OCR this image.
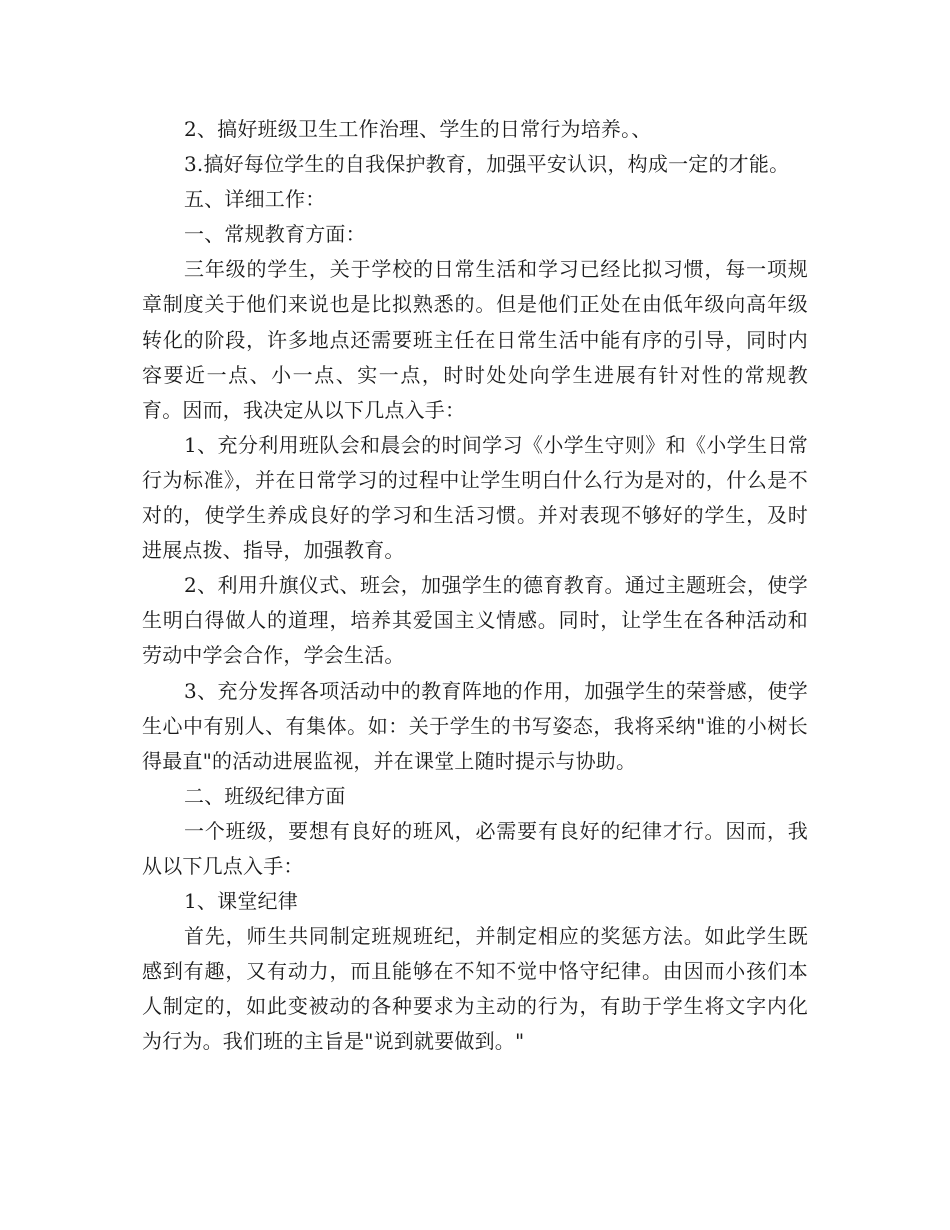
2、搞好班级卫生工作治理、学生的日常行为培养。、

3.搞好每位学生的自我保护教育，加强平安认识，构成一定的才能。

五、详细工作：

一、常规教育方面：

三年级的学生，关于学校的日常生活和学习已经比拟习惯，每一项规章制度关于他们来说也是比拟熟悉的。但是他们正处在由低年级向高年级转化的阶段，许多地点还需要班主任在日常生活中能有序的引导，同时内容要近一点、小一点、实一点，时时处处向学生进展有针对性的常规教育。因而，我决定从以下几点入手：

1、充分利用班队会和晨会的时间学习《小学生守则》和《小学生日常行为标准》，并在日常学习的过程中让学生明白什么行为是对的，什么是不对的，使学生养成良好的学习和生活习惯。并对表现不够好的学生，及时进展点拨、指导，加强教育。

2、利用升旗仪式、班会，加强学生的德育教育。通过主题班会，使学生明白得做人的道理，培养其爱国主义情感。同时，让学生在各种活动和劳动中学会合作，学会生活。

3、充分发挥各项活动中的教育阵地的作用，加强学生的荣誉感，使学生心中有别人、有集体。如：关于学生的书写姿态，我将采纳"谁的小树长得最直"的活动进展监视，并在课堂上随时提示与协助。

二、班级纪律方面

一个班级，要想有良好的班风，必需要有良好的纪律才行。因而，我从以下几点入手：

1、课堂纪律

首先，师生共同制定班规班纪，并制定相应的奖惩方法。如此学生既感到有趣，又有动力，而且能够在不知不觉中恪守纪律。由因而小孩们本人制定的，如此变被动的各种要求为主动的行为，有助于学生将文字内化为行为。我们班的主旨是"说到就要做到。"
